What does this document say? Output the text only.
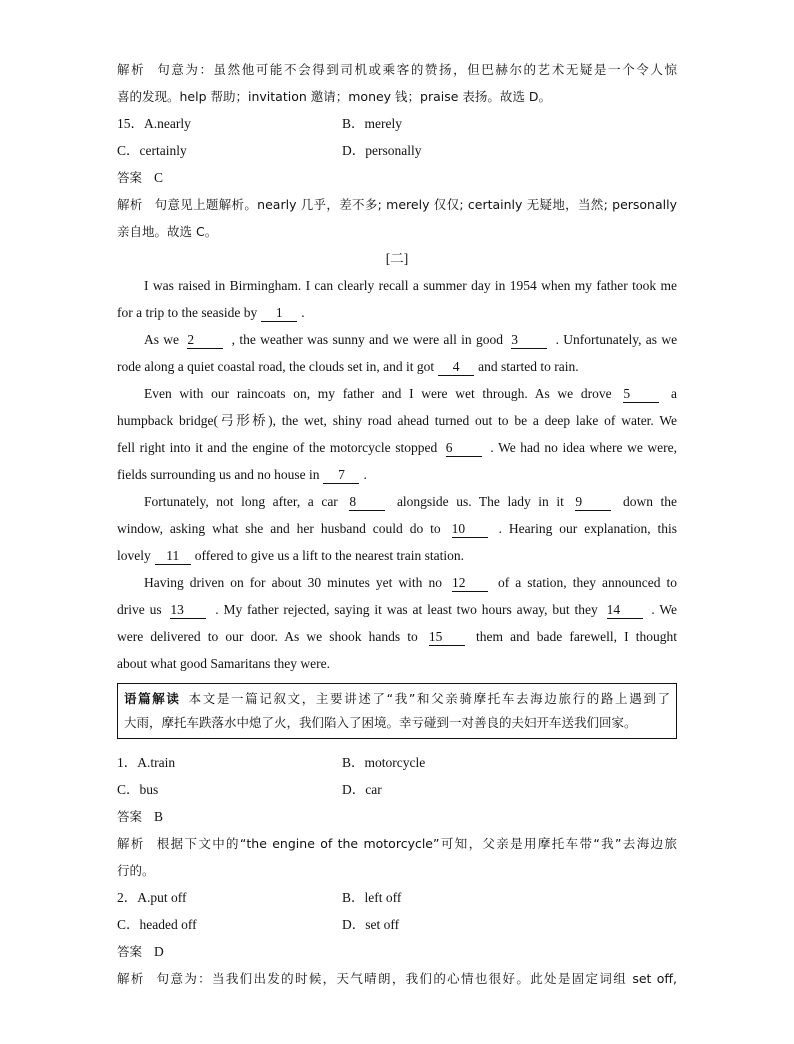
解析 句意为：虽然他可能不会得到司机或乘客的赞扬，但巴赫尔的艺术无疑是一个令人惊
喜的发现。help 帮助；invitation 邀请；money 钱；praise 表扬。故选 D。
15．A.nearly	B．merely
C．certainly	D．personally
答案 C
解析 句意见上题解析。nearly 几乎，差不多; merely 仅仅; certainly 无疑地，当然; personally
亲自地。故选 C。
[二]
I was raised in Birmingham. I can clearly recall a summer day in 1954 when my father took me
for a trip to the seaside by 1 .
As we 2	, the weather was sunny and we were all in good 3	. Unfortunately, as we
rode along a quiet coastal road, the clouds set in, and it got 4 and started to rain.
Even with our raincoats on, my father and I were wet through. As we drove 5	a
humpback bridge(弓形桥), the wet, shiny road ahead turned out to be a deep lake of water. We
fell right into it and the engine of the motorcycle stopped 6	. We had no idea where we were,
fields surrounding us and no house in 7 .
Fortunately, not long after, a car 8	alongside us. The lady in it 9	down the
window, asking what she and her husband could do to 10 . Hearing our explanation, this
lovely 11 offered to give us a lift to the nearest train station.
Having driven on for about 30 minutes yet with no 12 of a station, they announced to
drive us 13 . My father rejected, saying it was at least two hours away, but they 14 . We
were delivered to our door. As we shook hands to 15 them and bade farewell, I thought
about what good Samaritans they were.
语篇解读 本文是一篇记叙文，主要讲述了“我”和父亲骑摩托车去海边旅行的路上遇到了
大雨，摩托车跌落水中熄了火，我们陷入了困境。幸亏碰到一对善良的夫妇开车送我们回家。
1．A.train	B．motorcycle
C．bus	D．car
答案 B
解析 根据下文中的“the engine of the motorcycle”可知，父亲是用摩托车带“我”去海边旅
行的。
2．A.put off	B．left off
C．headed off	D．set off
答案 D
解析 句意为：当我们出发的时候，天气晴朗，我们的心情也很好。此处是固定词组 set off,
